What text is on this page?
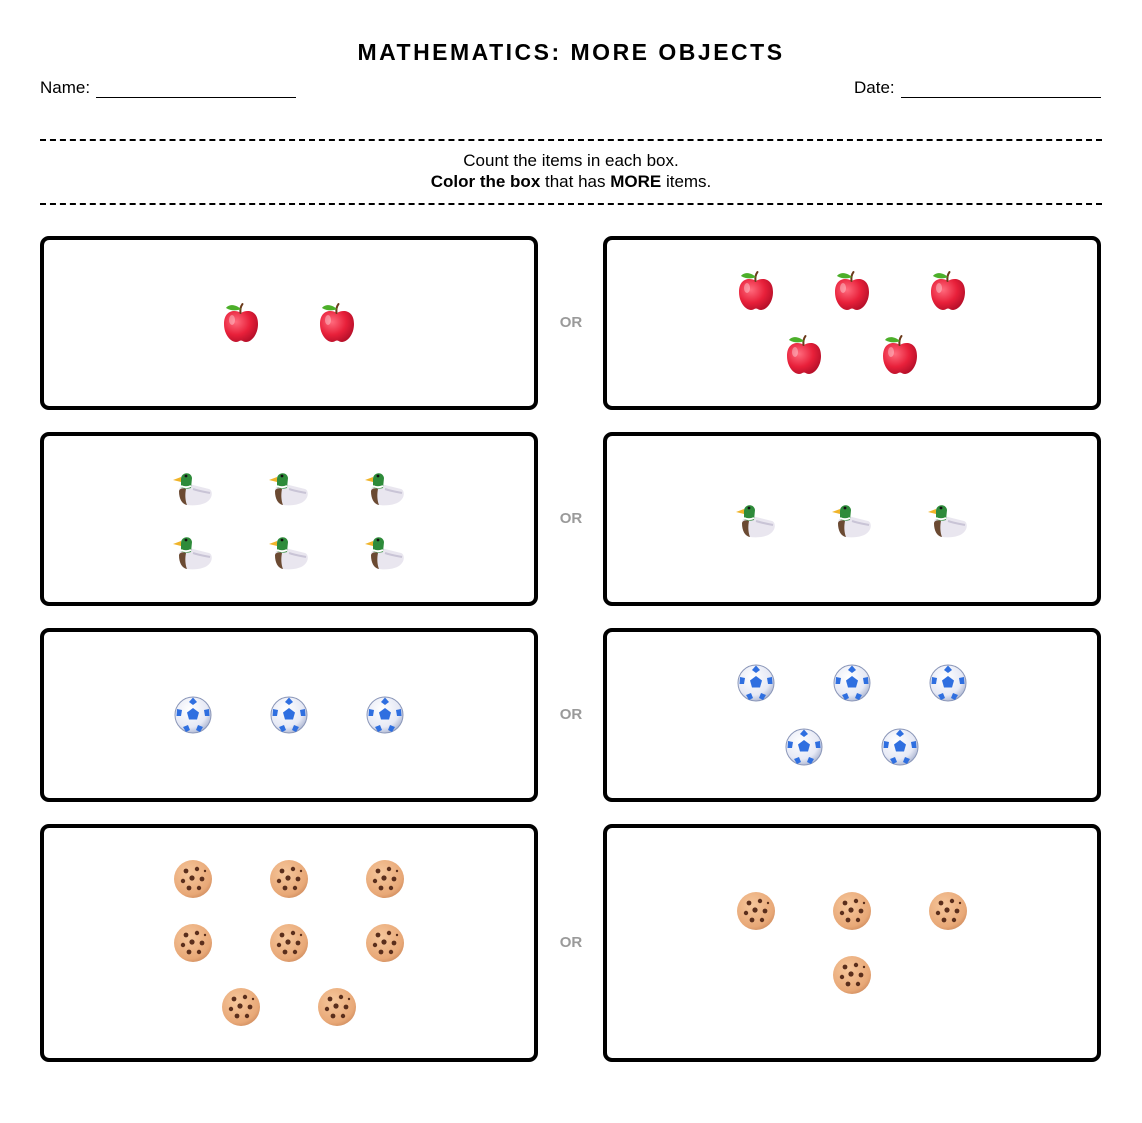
MATHEMATICS: MORE OBJECTS
Name:	Date:
Count the items in each box.
Color the box that has MORE items.
OR
OR
OR
OR
